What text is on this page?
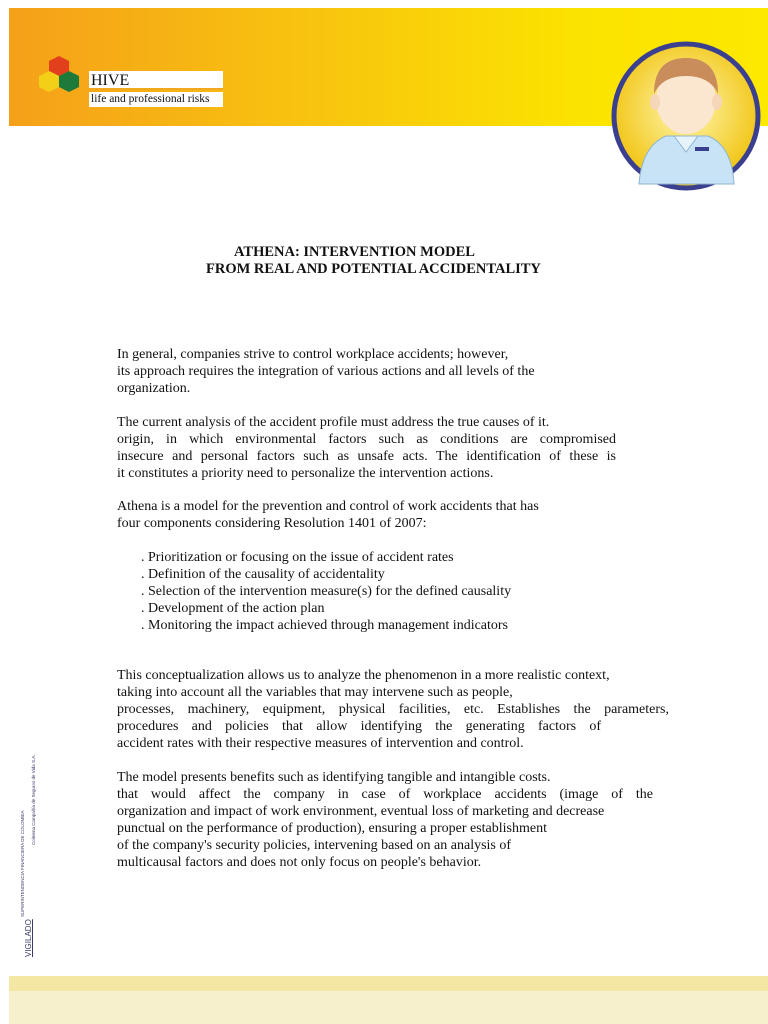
HIVE
life and professional risks
ATHENA: INTERVENTION MODEL
FROM REAL AND POTENTIAL ACCIDENTALITY
In general, companies strive to control workplace accidents; however,
its approach requires the integration of various actions and all levels of the
organization.
The current analysis of the accident profile must address the true causes of it.
origin, in which environmental factors such as conditions are compromised
insecure and personal factors such as unsafe acts. The identification of these is
it constitutes a priority need to personalize the intervention actions.
Athena is a model for the prevention and control of work accidents that has
four components considering Resolution 1401 of 2007:
. Prioritization or focusing on the issue of accident rates
. Definition of the causality of accidentality
. Selection of the intervention measure(s) for the defined causality
. Development of the action plan
. Monitoring the impact achieved through management indicators
This conceptualization allows us to analyze the phenomenon in a more realistic context,
taking into account all the variables that may intervene such as people,
processes, machinery, equipment, physical facilities, etc. Establishes the parameters,
procedures and policies that allow identifying the generating factors of
accident rates with their respective measures of intervention and control.
The model presents benefits such as identifying tangible and intangible costs.
that would affect the company in case of workplace accidents (image of the
organization and impact of work environment, eventual loss of marketing and decrease
punctual on the performance of production), ensuring a proper establishment
of the company's security policies, intervening based on an analysis of
multicausal factors and does not only focus on people's behavior.
VIGILADO
SUPERINTENDENCIA FINANCIERA DE COLOMBIA
Colmena Compañía de Seguros de Vida S.A.
